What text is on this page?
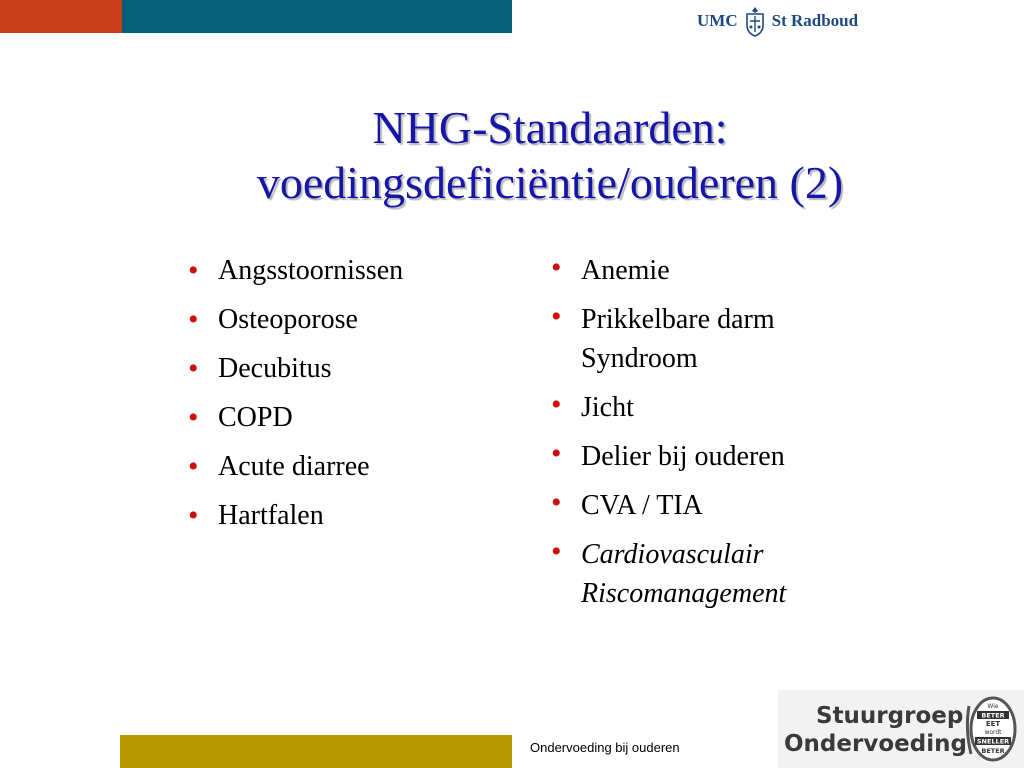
UMC St Radboud
NHG-Standaarden:
voedingsdeficiëntie/ouderen (2)
• Angsstoornissen
• Osteoporose
• Decubitus
• COPD
• Acute diarree
• Hartfalen
• Anemie
• Prikkelbare darm Syndroom
• Jicht
• Delier bij ouderen
• CVA / TIA
• Cardiovasculair Riscomanagement
Ondervoeding bij ouderen
Stuurgroep
Ondervoeding
Wie
BETER
EET
wordt
SNELLER
BETER
